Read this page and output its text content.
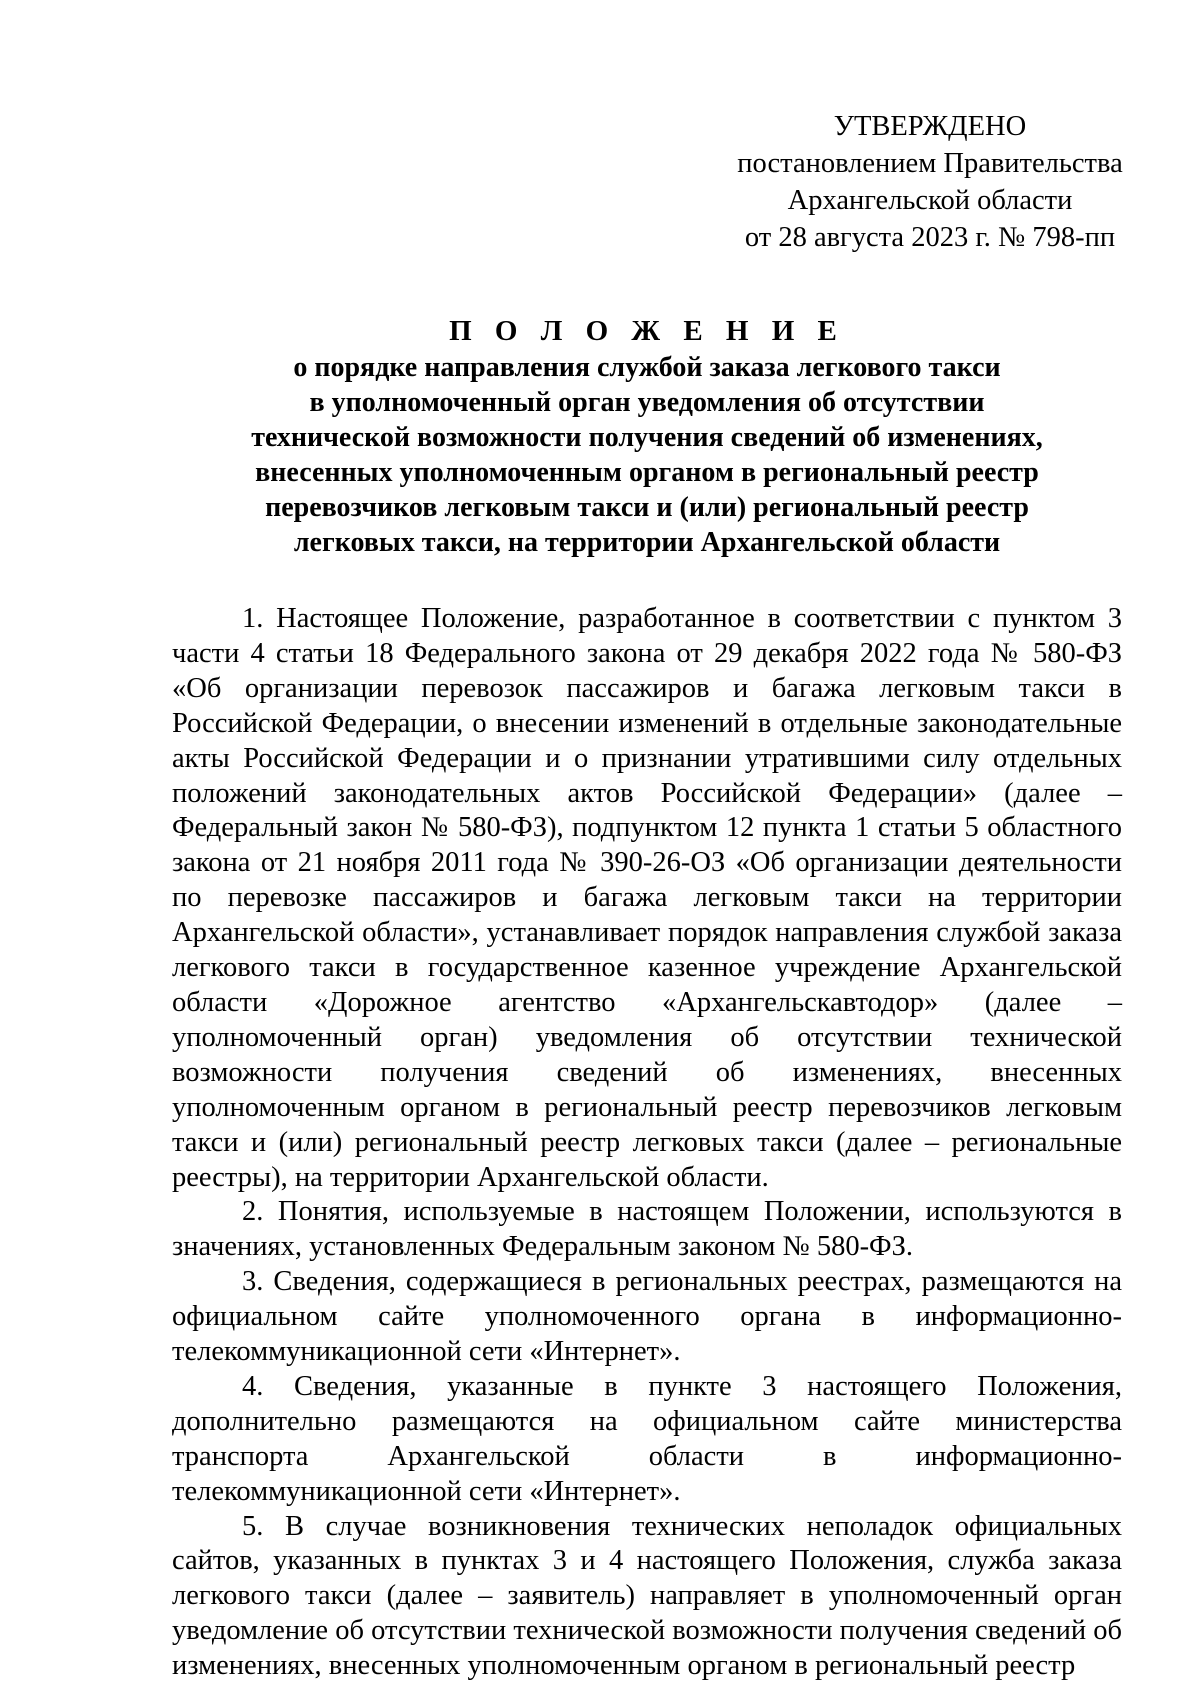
УТВЕРЖДЕНО
постановлением Правительства
Архангельской области
от 28 августа 2023 г. № 798-пп
П О Л О Ж Е Н И Е
о порядке направления службой заказа легкового такси
в уполномоченный орган уведомления об отсутствии
технической возможности получения сведений об изменениях,
внесенных уполномоченным органом в региональный реестр
перевозчиков легковым такси и (или) региональный реестр
легковых такси, на территории Архангельской области

1. Настоящее Положение, разработанное в соответствии с пунктом 3 части 4 статьи 18 Федерального закона от 29 декабря 2022 года № 580-ФЗ «Об организации перевозок пассажиров и багажа легковым такси в Российской Федерации, о внесении изменений в отдельные законодательные акты Российской Федерации и о признании утратившими силу отдельных положений законодательных актов Российской Федерации» (далее – Федеральный закон № 580-ФЗ), подпунктом 12 пункта 1 статьи 5 областного закона от 21 ноября 2011 года № 390-26-ОЗ «Об организации деятельности по перевозке пассажиров и багажа легковым такси на территории Архангельской области», устанавливает порядок направления службой заказа легкового такси в государственное казенное учреждение Архангельской области «Дорожное агентство «Архангельскавтодор» (далее – уполномоченный орган) уведомления об отсутствии технической возможности получения сведений об изменениях, внесенных уполномоченным органом в региональный реестр перевозчиков легковым такси и (или) региональный реестр легковых такси (далее – региональные реестры), на территории Архангельской области.

2. Понятия, используемые в настоящем Положении, используются в значениях, установленных Федеральным законом № 580-ФЗ.

3. Сведения, содержащиеся в региональных реестрах, размещаются на официальном сайте уполномоченного органа в информационно-телекоммуникационной сети «Интернет».

4. Сведения, указанные в пункте 3 настоящего Положения, дополнительно размещаются на официальном сайте министерства транспорта Архангельской области в информационно-телекоммуникационной сети «Интернет».

5. В случае возникновения технических неполадок официальных сайтов, указанных в пунктах 3 и 4 настоящего Положения, служба заказа легкового такси (далее – заявитель) направляет в уполномоченный орган уведомление об отсутствии технической возможности получения сведений об изменениях, внесенных уполномоченным органом в региональный реестр
